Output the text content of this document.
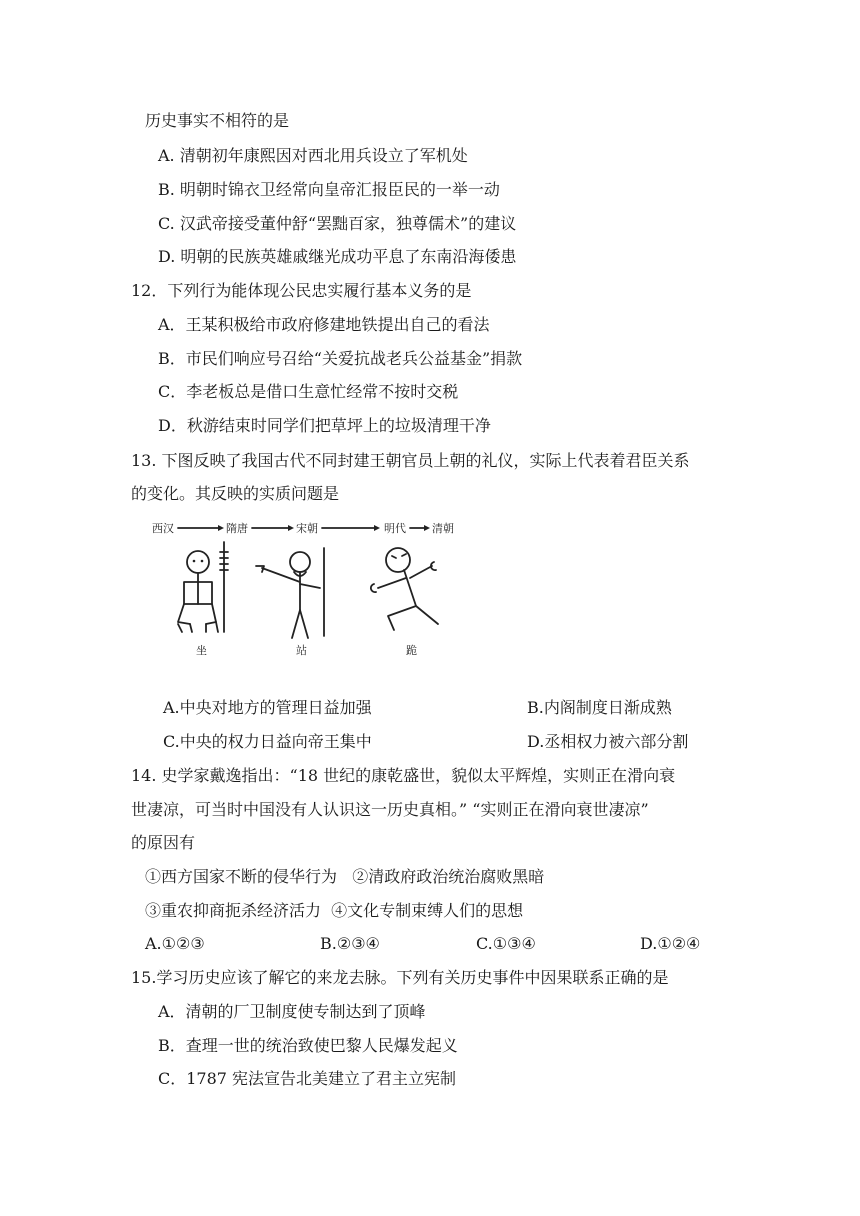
历史事实不相符的是
A. 清朝初年康熙因对西北用兵设立了军机处
B. 明朝时锦衣卫经常向皇帝汇报臣民的一举一动
C. 汉武帝接受董仲舒“罢黜百家，独尊儒术”的建议
D. 明朝的民族英雄戚继光成功平息了东南沿海倭患
12．下列行为能体现公民忠实履行基本义务的是
A．王某积极给市政府修建地铁提出自己的看法
B．市民们响应号召给“关爱抗战老兵公益基金”捐款
C．李老板总是借口生意忙经常不按时交税
D．秋游结束时同学们把草坪上的垃圾清理干净
13. 下图反映了我国古代不同封建王朝官员上朝的礼仪，实际上代表着君臣关系
的变化。其反映的实质问题是
西汉	隋唐	宋朝	明代 清朝
坐	站	跪
A.中央对地方的管理日益加强	B.内阁制度日渐成熟
C.中央的权力日益向帝王集中	D.丞相权力被六部分割
14. 史学家戴逸指出：“18 世纪的康乾盛世，貌似太平辉煌，实则正在滑向衰
世凄凉，可当时中国没有人认识这一历史真相。” “实则正在滑向衰世凄凉”
的原因有
①西方国家不断的侵华行为   ②清政府政治统治腐败黑暗
③重农抑商扼杀经济活力  ④文化专制束缚人们的思想
A.①②③	B.②③④	C.①③④	D.①②④
15.学习历史应该了解它的来龙去脉。下列有关历史事件中因果联系正确的是
A．清朝的厂卫制度使专制达到了顶峰
B．查理一世的统治致使巴黎人民爆发起义
C．1787 宪法宣告北美建立了君主立宪制
